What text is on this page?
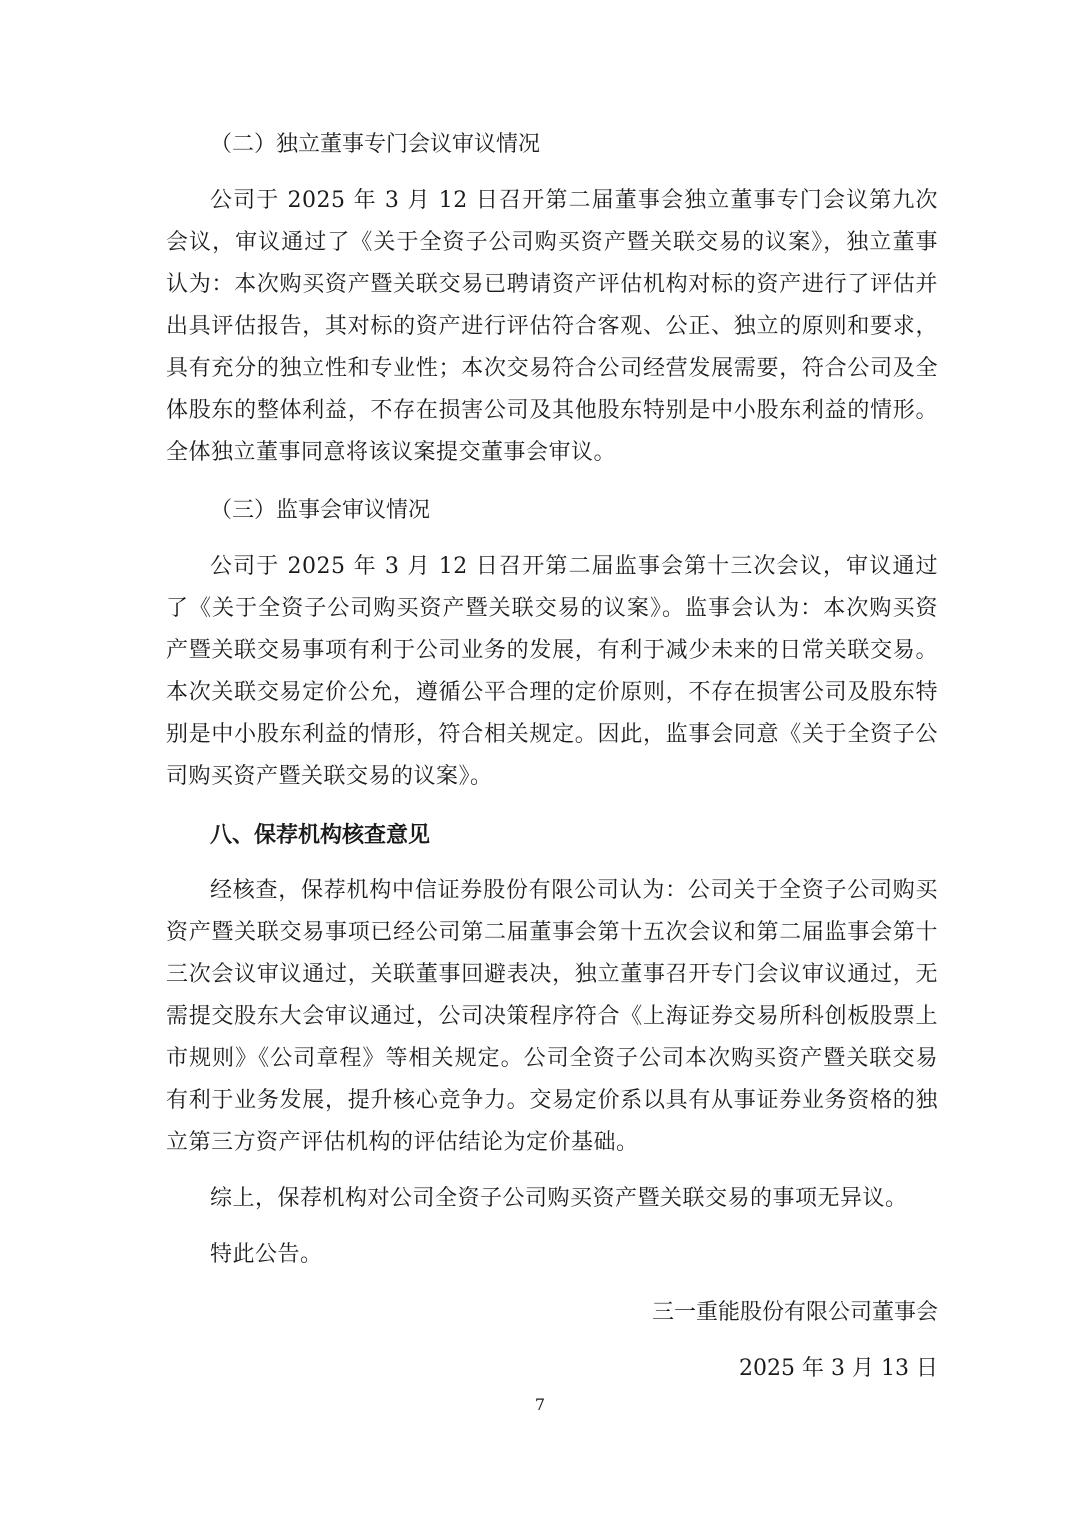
（二）独立董事专门会议审议情况

公司于 2025 年 3 月 12 日召开第二届董事会独立董事专门会议第九次会议，审议通过了《关于全资子公司购买资产暨关联交易的议案》，独立董事认为：本次购买资产暨关联交易已聘请资产评估机构对标的资产进行了评估并出具评估报告，其对标的资产进行评估符合客观、公正、独立的原则和要求，具有充分的独立性和专业性；本次交易符合公司经营发展需要，符合公司及全体股东的整体利益，不存在损害公司及其他股东特别是中小股东利益的情形。全体独立董事同意将该议案提交董事会审议。

（三）监事会审议情况

公司于 2025 年 3 月 12 日召开第二届监事会第十三次会议，审议通过了《关于全资子公司购买资产暨关联交易的议案》。监事会认为：本次购买资产暨关联交易事项有利于公司业务的发展，有利于减少未来的日常关联交易。本次关联交易定价公允，遵循公平合理的定价原则，不存在损害公司及股东特别是中小股东利益的情形，符合相关规定。因此，监事会同意《关于全资子公司购买资产暨关联交易的议案》。

八、保荐机构核查意见

经核查，保荐机构中信证券股份有限公司认为：公司关于全资子公司购买资产暨关联交易事项已经公司第二届董事会第十五次会议和第二届监事会第十三次会议审议通过，关联董事回避表决，独立董事召开专门会议审议通过，无需提交股东大会审议通过，公司决策程序符合《上海证券交易所科创板股票上市规则》《公司章程》等相关规定。公司全资子公司本次购买资产暨关联交易有利于业务发展，提升核心竞争力。交易定价系以具有从事证券业务资格的独立第三方资产评估机构的评估结论为定价基础。

综上，保荐机构对公司全资子公司购买资产暨关联交易的事项无异议。

特此公告。

三一重能股份有限公司董事会

2025 年 3 月 13 日

7
